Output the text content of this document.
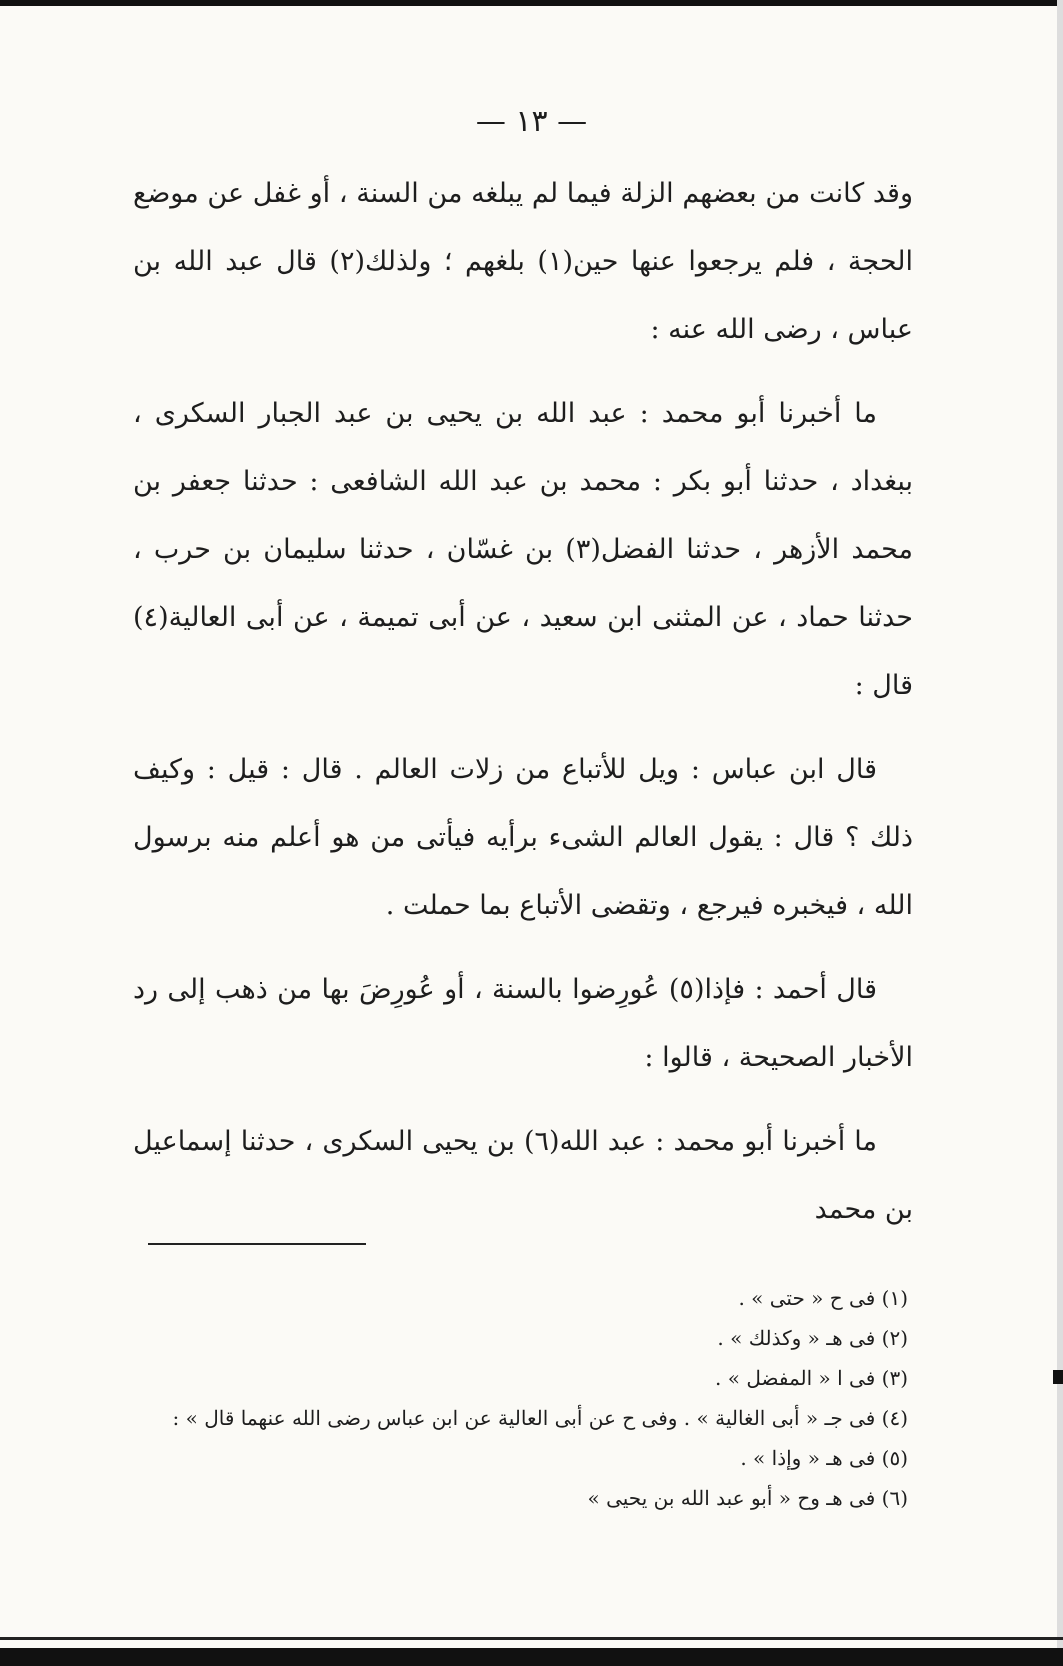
— ١٣ —

وقد كانت من بعضهم الزلة فيما لم يبلغه من السنة ، أو غفل عن موضع الحجة ، فلم يرجعوا عنها حين(١) بلغهم ؛ ولذلك(٢) قال عبد الله بن عباس ، رضى الله عنه :

ما أخبرنا أبو محمد : عبد الله بن يحيى بن عبد الجبار السكرى ، ببغداد ، حدثنا أبو بكر : محمد بن عبد الله الشافعى : حدثنا جعفر بن محمد الأزهر ، حدثنا الفضل(٣) بن غسّان ، حدثنا سليمان بن حرب ، حدثنا حماد ، عن المثنى ابن سعيد ، عن أبى تميمة ، عن أبى العالية(٤) قال :

قال ابن عباس : ويل للأتباع من زلات العالم . قال : قيل : وكيف ذلك ؟ قال : يقول العالم الشىء برأيه فيأتى من هو أعلم منه برسول الله ، فيخبره فيرجع ، وتقضى الأتباع بما حملت .

قال أحمد : فإذا(٥) عُورِضوا بالسنة ، أو عُورِضَ بها من ذهب إلى رد الأخبار الصحيحة ، قالوا :

ما أخبرنا أبو محمد : عبد الله(٦) بن يحيى السكرى ، حدثنا إسماعيل بن محمد

(١) فى ح « حتى » .
(٢) فى هـ « وكذلك » .
(٣) فى ا « المفضل » .
(٤) فى جـ « أبى الغالية » . وفى ح عن أبى العالية عن ابن عباس رضى الله عنهما قال » :
(٥) فى هـ « وإذا » .
(٦) فى هـ وح « أبو عبد الله بن يحيى »
